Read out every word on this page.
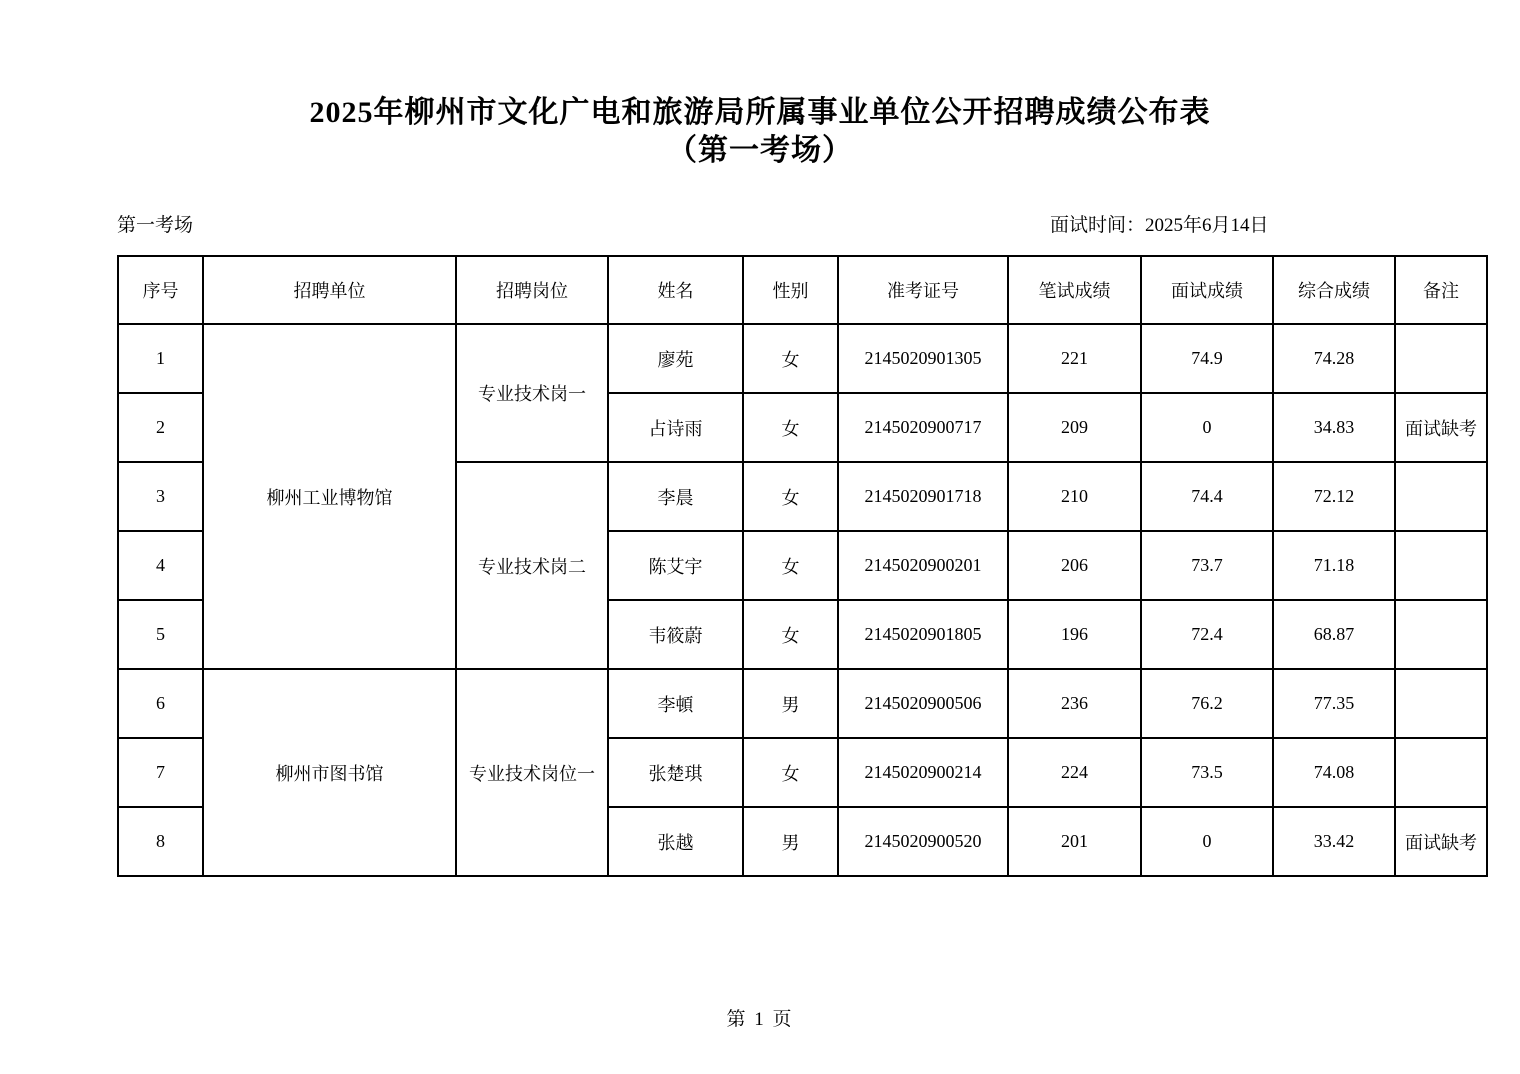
2025年柳州市文化广电和旅游局所属事业单位公开招聘成绩公布表
（第一考场）
第一考场	面试时间：2025年6月14日
序号	招聘单位	招聘岗位	姓名	性别	准考证号	笔试成绩	面试成绩	综合成绩	备注
1	柳州工业博物馆	专业技术岗一	廖苑	女	2145020901305	221	74.9	74.28	
2			占诗雨	女	2145020900717	209	0	34.83	面试缺考
3		专业技术岗二	李晨	女	2145020901718	210	74.4	72.12	
4			陈艾宇	女	2145020900201	206	73.7	71.18	
5			韦筱蔚	女	2145020901805	196	72.4	68.87	
6	柳州市图书馆	专业技术岗位一	李頓	男	2145020900506	236	76.2	77.35	
7			张楚琪	女	2145020900214	224	73.5	74.08	
8			张越	男	2145020900520	201	0	33.42	面试缺考
第 1 页
